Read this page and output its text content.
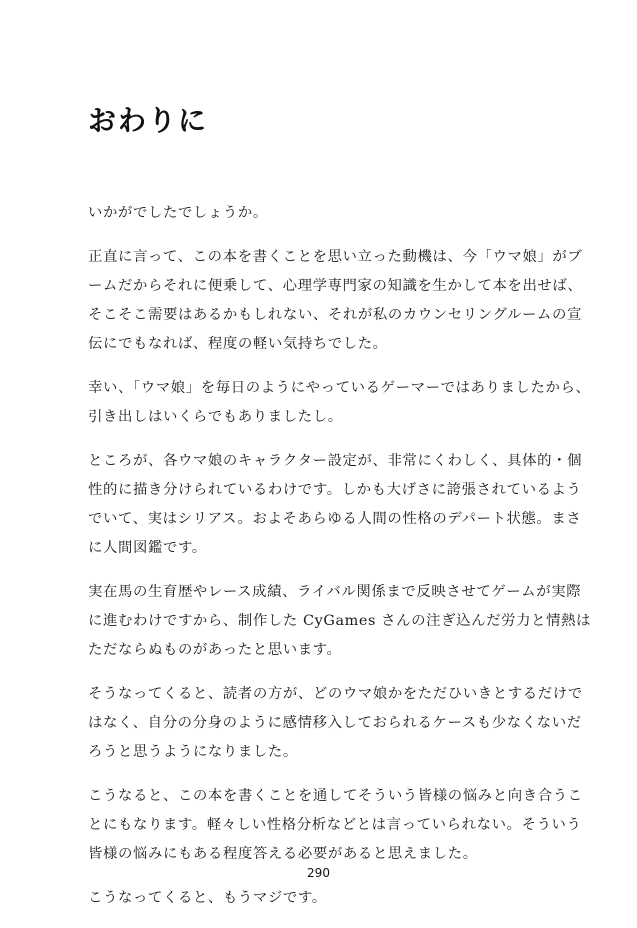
おわりに

いかがでしたでしょうか。

正直に言って、この本を書くことを思い立った動機は、今「ウマ娘」がブ
ームだからそれに便乗して、心理学専門家の知識を生かして本を出せば、
そこそこ需要はあるかもしれない、それが私のカウンセリングルームの宣
伝にでもなれば、程度の軽い気持ちでした。

幸い、「ウマ娘」を毎日のようにやっているゲーマーではありましたから、
引き出しはいくらでもありましたし。

ところが、各ウマ娘のキャラクター設定が、非常にくわしく、具体的・個
性的に描き分けられているわけです。しかも大げさに誇張されているよう
でいて、実はシリアス。およそあらゆる人間の性格のデパート状態。まさ
に人間図鑑です。

実在馬の生育歴やレース成績、ライバル関係まで反映させてゲームが実際
に進むわけですから、制作した CyGames さんの注ぎ込んだ労力と情熱は
ただならぬものがあったと思います。

そうなってくると、読者の方が、どのウマ娘かをただひいきとするだけで
はなく、自分の分身のように感情移入しておられるケースも少なくないだ
ろうと思うようになりました。

こうなると、この本を書くことを通してそういう皆様の悩みと向き合うこ
とにもなります。軽々しい性格分析などとは言っていられない。そういう
皆様の悩みにもある程度答える必要があると思えました。

こうなってくると、もうマジです。

290
